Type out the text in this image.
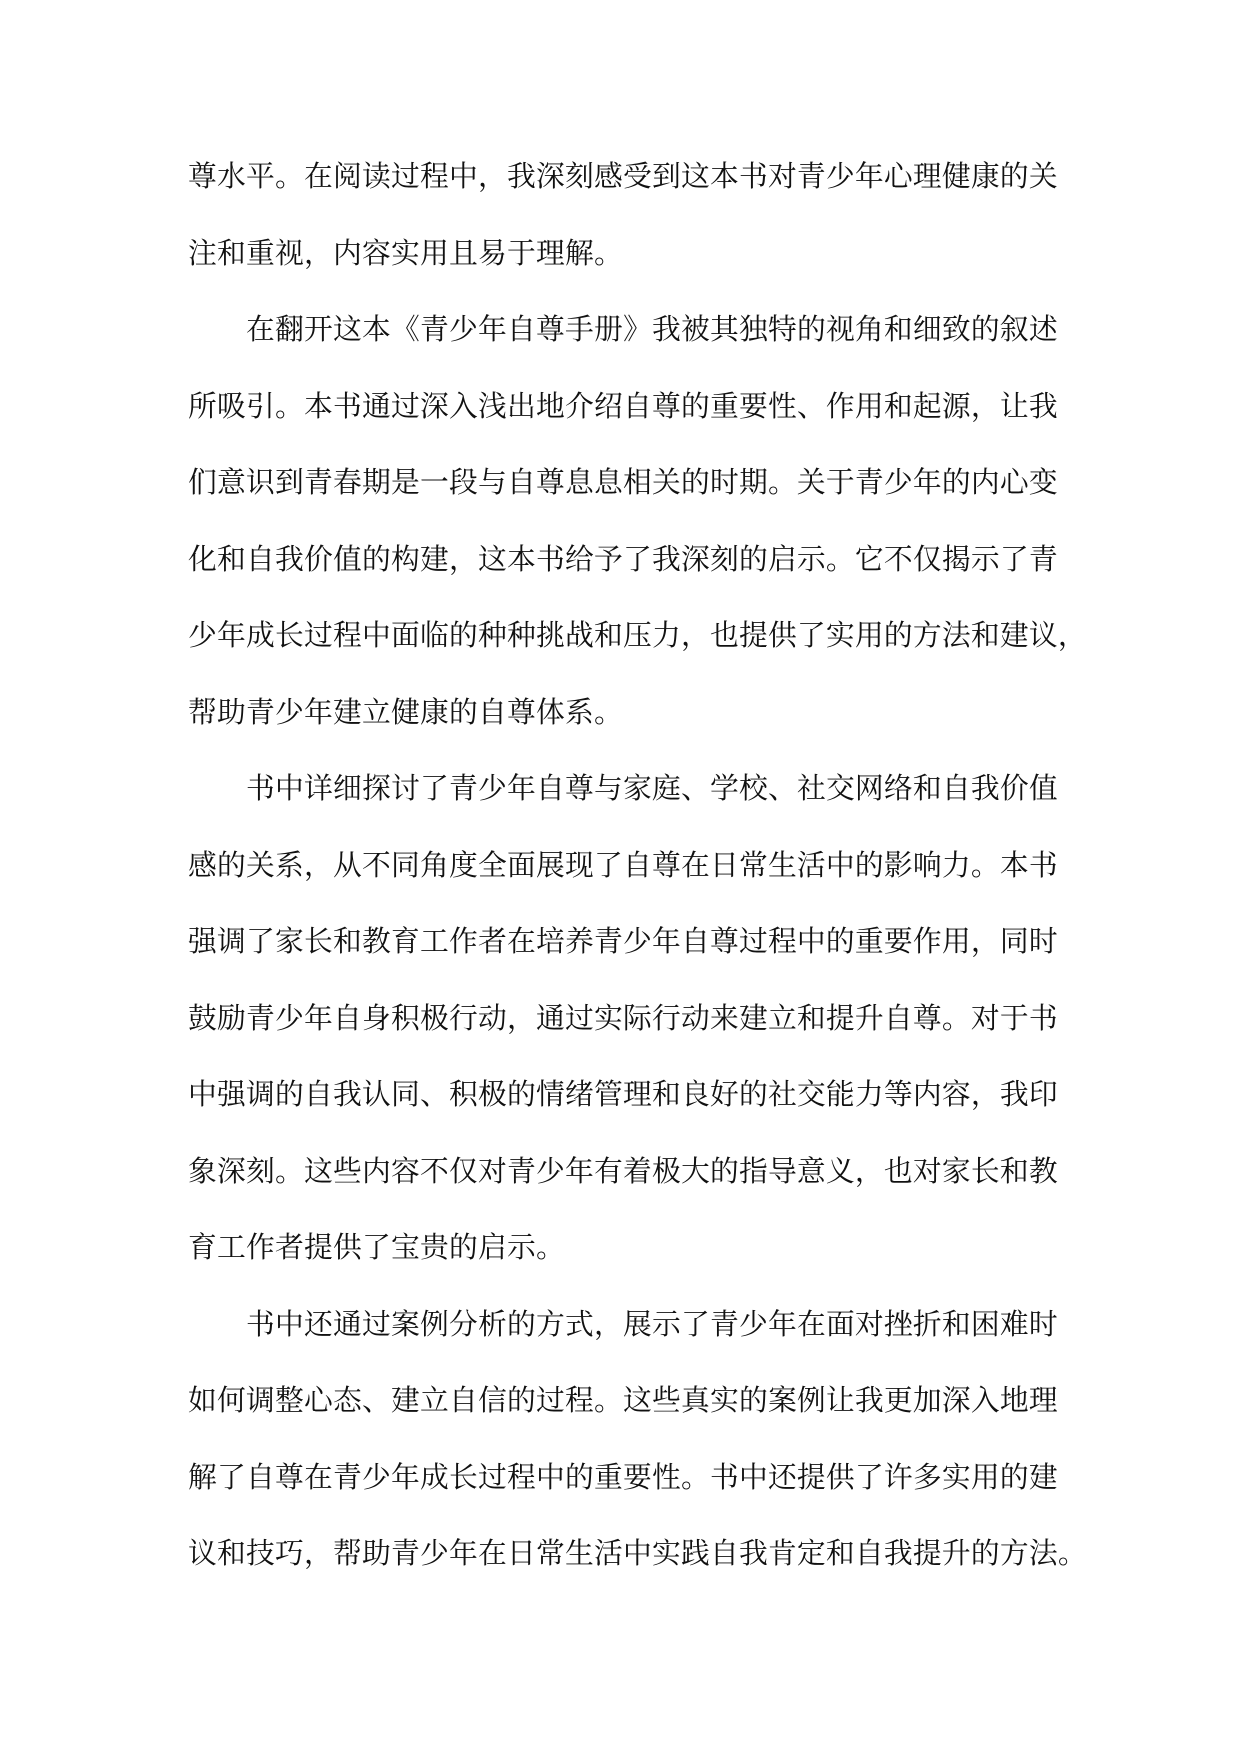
尊水平。在阅读过程中，我深刻感受到这本书对青少年心理健康的关
注和重视，内容实用且易于理解。
在翻开这本《青少年自尊手册》我被其独特的视角和细致的叙述
所吸引。本书通过深入浅出地介绍自尊的重要性、作用和起源，让我
们意识到青春期是一段与自尊息息相关的时期。关于青少年的内心变
化和自我价值的构建，这本书给予了我深刻的启示。它不仅揭示了青
少年成长过程中面临的种种挑战和压力，也提供了实用的方法和建议，
帮助青少年建立健康的自尊体系。
书中详细探讨了青少年自尊与家庭、学校、社交网络和自我价值
感的关系，从不同角度全面展现了自尊在日常生活中的影响力。本书
强调了家长和教育工作者在培养青少年自尊过程中的重要作用，同时
鼓励青少年自身积极行动，通过实际行动来建立和提升自尊。对于书
中强调的自我认同、积极的情绪管理和良好的社交能力等内容，我印
象深刻。这些内容不仅对青少年有着极大的指导意义，也对家长和教
育工作者提供了宝贵的启示。
书中还通过案例分析的方式，展示了青少年在面对挫折和困难时
如何调整心态、建立自信的过程。这些真实的案例让我更加深入地理
解了自尊在青少年成长过程中的重要性。书中还提供了许多实用的建
议和技巧，帮助青少年在日常生活中实践自我肯定和自我提升的方法。
